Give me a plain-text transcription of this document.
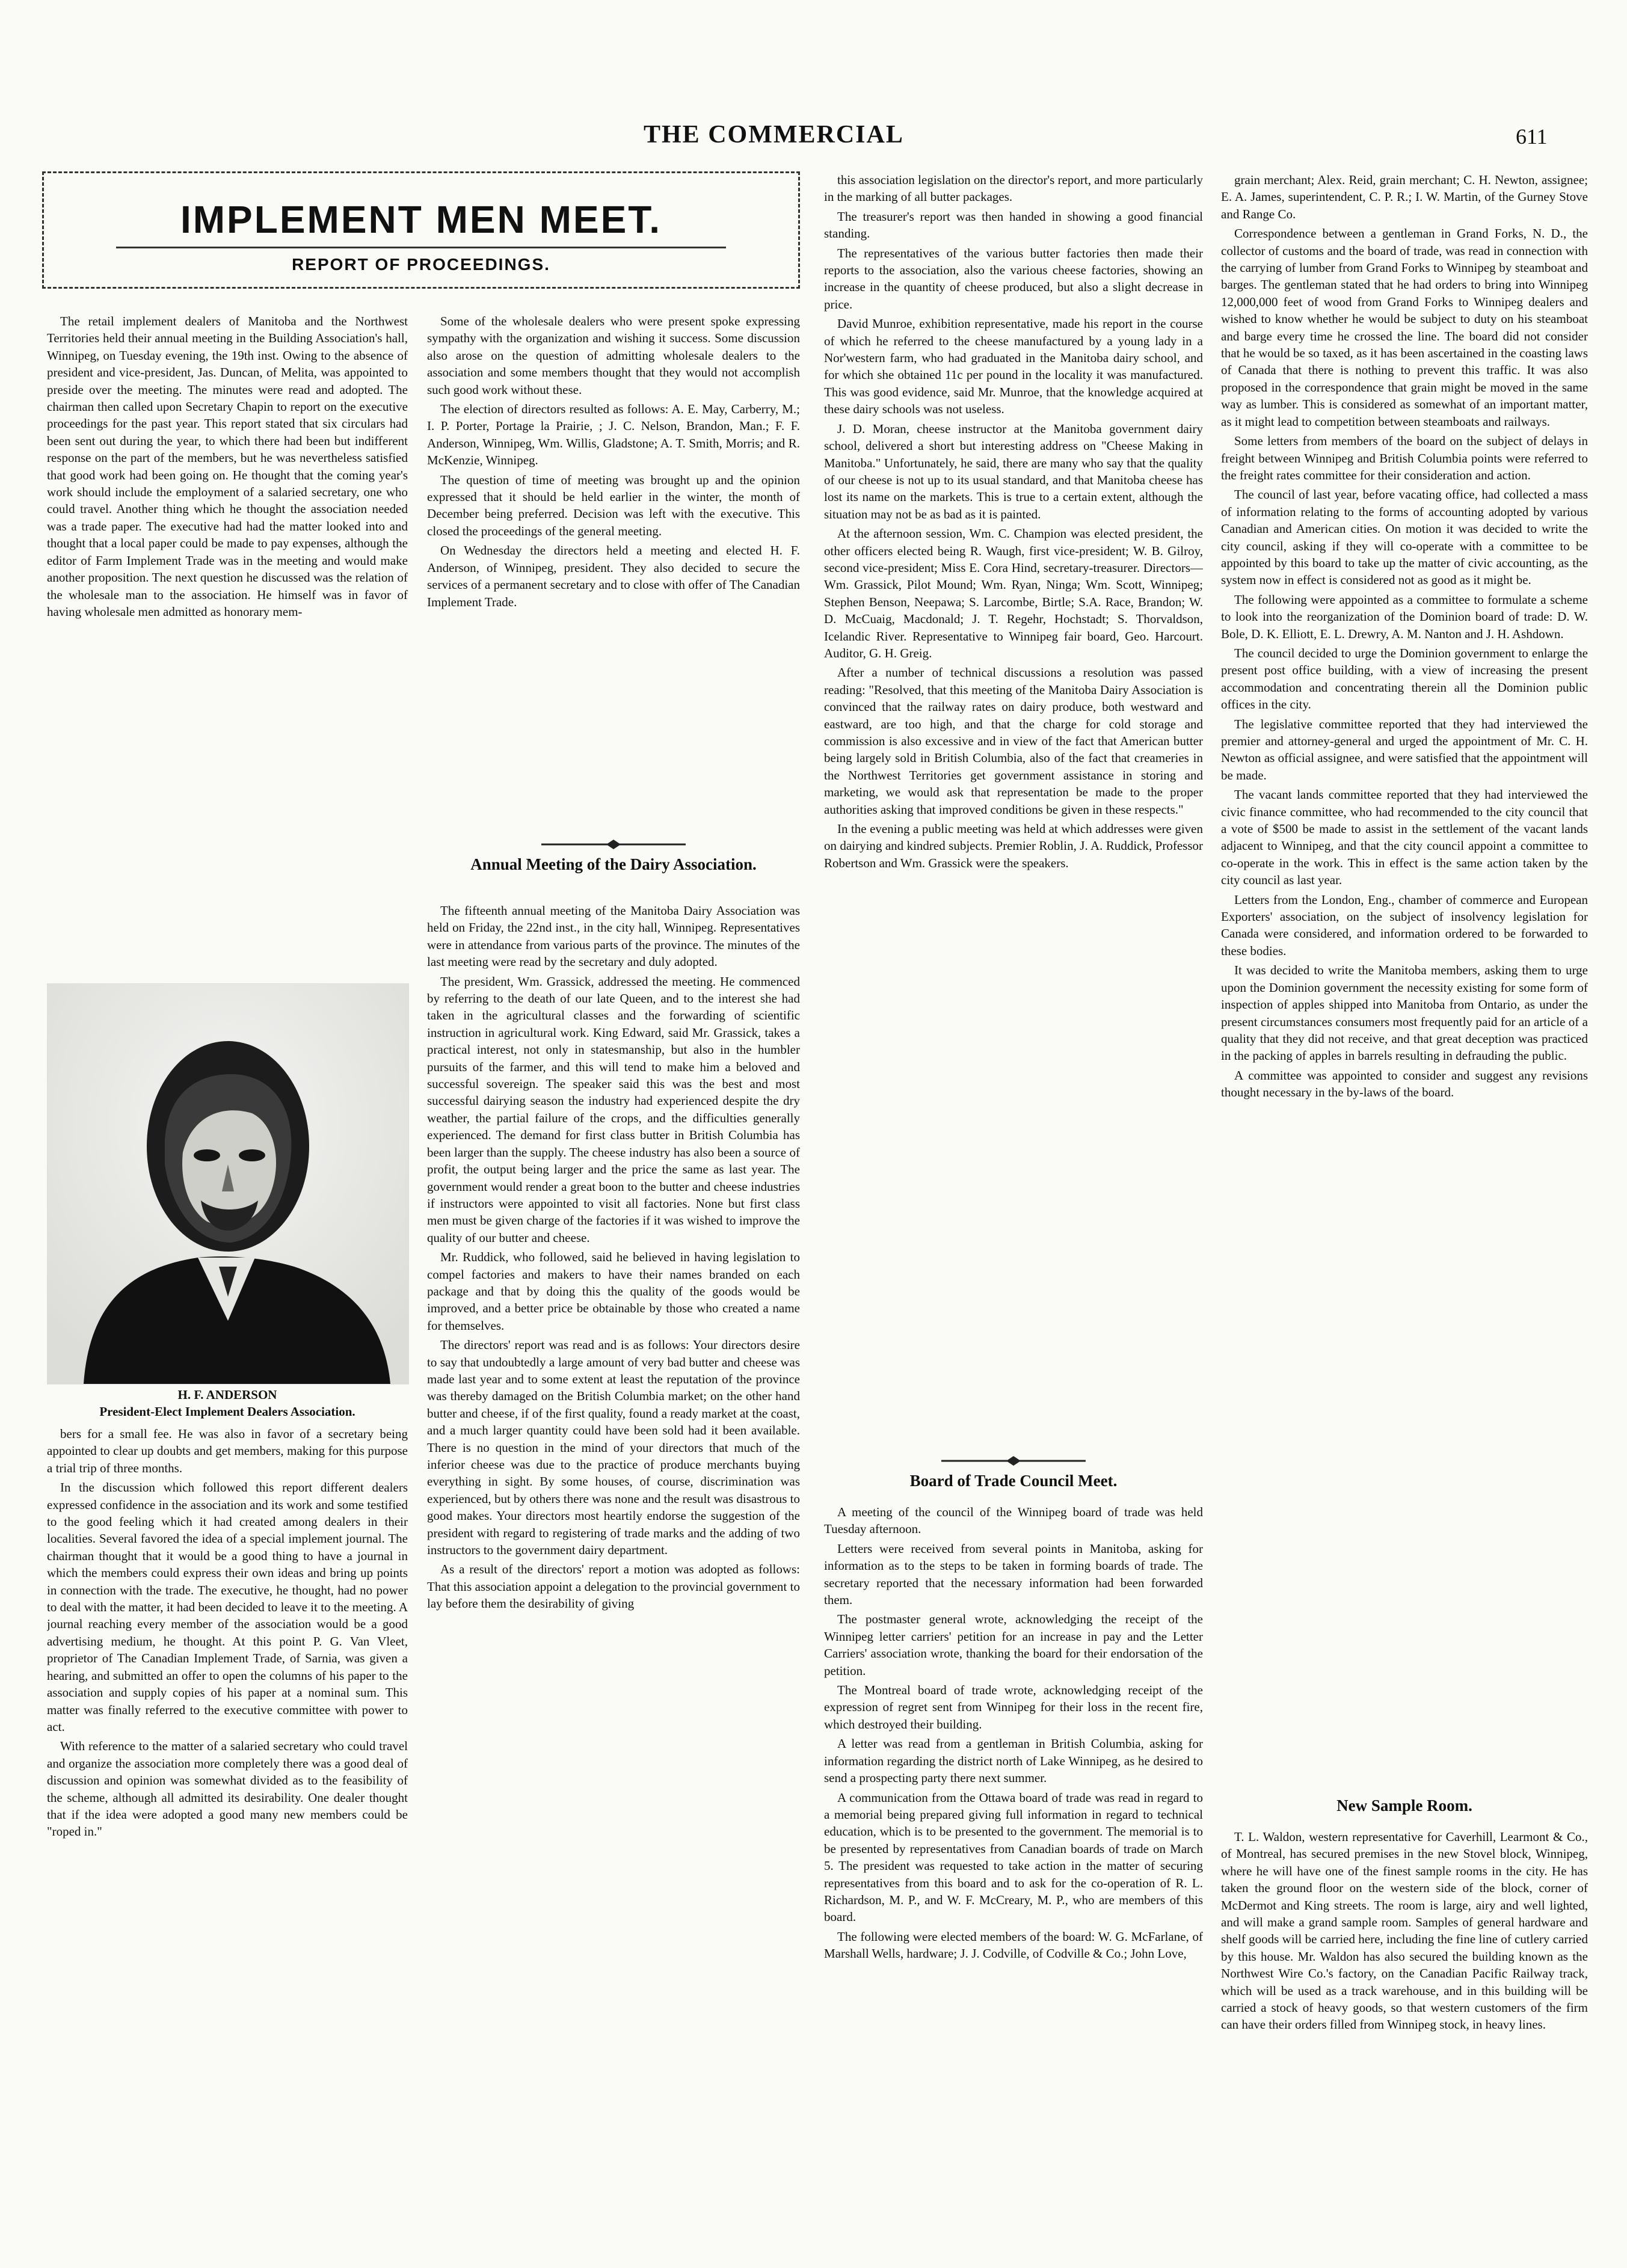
THE COMMERCIAL	611
IMPLEMENT MEN MEET.
REPORT OF PROCEEDINGS.

The retail implement dealers of Manitoba and the Northwest Territories held their annual meeting in the Building Association's hall, Winnipeg, on Tuesday evening, the 19th inst. Owing to the absence of president and vice-president, Jas. Duncan, of Melita, was appointed to preside over the meeting. The minutes were read and adopted. The chairman then called upon Secretary Chapin to report on the executive proceedings for the past year. This report stated that six circulars had been sent out during the year, to which there had been but indifferent response on the part of the members, but he was nevertheless satisfied that good work had been going on. He thought that the coming year's work should include the employment of a salaried secretary, one who could travel. Another thing which he thought the association needed was a trade paper. The executive had had the matter looked into and thought that a local paper could be made to pay expenses, although the editor of Farm Implement Trade was in the meeting and would make another proposition. The next question he discussed was the relation of the wholesale man to the association. He himself was in favor of having wholesale men admitted as honorary mem-

H. F. ANDERSON
President-Elect Implement Dealers Association.

bers for a small fee. He was also in favor of a secretary being appointed to clear up doubts and get members, making for this purpose a trial trip of three months.

In the discussion which followed this report different dealers expressed confidence in the association and its work and some testified to the good feeling which it had created among dealers in their localities. Several favored the idea of a special implement journal. The chairman thought that it would be a good thing to have a journal in which the members could express their own ideas and bring up points in connection with the trade. The executive, he thought, had no power to deal with the matter, it had been decided to leave it to the meeting. A journal reaching every member of the association would be a good advertising medium, he thought. At this point P. G. Van Vleet, proprietor of The Canadian Implement Trade, of Sarnia, was given a hearing, and submitted an offer to open the columns of his paper to the association and supply copies of his paper at a nominal sum. This matter was finally referred to the executive committee with power to act.

With reference to the matter of a salaried secretary who could travel and organize the association more completely there was a good deal of discussion and opinion was somewhat divided as to the feasibility of the scheme, although all admitted its desirability. One dealer thought that if the idea were adopted a good many new members could be "roped in."

Some of the wholesale dealers who were present spoke expressing sympathy with the organization and wishing it success. Some discussion also arose on the question of admitting wholesale dealers to the association and some members thought that they would not accomplish such good work without these.

The election of directors resulted as follows: A. E. May, Carberry, M.; I. P. Porter, Portage la Prairie, ; J. C. Nelson, Brandon, Man.; F. F. Anderson, Winnipeg, Wm. Willis, Gladstone; A. T. Smith, Morris; and R. McKenzie, Winnipeg.

The question of time of meeting was brought up and the opinion expressed that it should be held earlier in the winter, the month of December being preferred. Decision was left with the executive. This closed the proceedings of the general meeting.

On Wednesday the directors held a meeting and elected H. F. Anderson, of Winnipeg, president. They also decided to secure the services of a permanent secretary and to close with offer of The Canadian Implement Trade.

Annual Meeting of the Dairy Association.

The fifteenth annual meeting of the Manitoba Dairy Association was held on Friday, the 22nd inst., in the city hall, Winnipeg. Representatives were in attendance from various parts of the province. The minutes of the last meeting were read by the secretary and duly adopted.

The president, Wm. Grassick, addressed the meeting. He commenced by referring to the death of our late Queen, and to the interest she had taken in the agricultural classes and the forwarding of scientific instruction in agricultural work. King Edward, said Mr. Grassick, takes a practical interest, not only in statesmanship, but also in the humbler pursuits of the farmer, and this will tend to make him a beloved and successful sovereign. The speaker said this was the best and most successful dairying season the industry had experienced despite the dry weather, the partial failure of the crops, and the difficulties generally experienced. The demand for first class butter in British Columbia has been larger than the supply. The cheese industry has also been a source of profit, the output being larger and the price the same as last year. The government would render a great boon to the butter and cheese industries if instructors were appointed to visit all factories. None but first class men must be given charge of the factories if it was wished to improve the quality of our butter and cheese.

Mr. Ruddick, who followed, said he believed in having legislation to compel factories and makers to have their names branded on each package and that by doing this the quality of the goods would be improved, and a better price be obtainable by those who created a name for themselves.

The directors' report was read and is as follows: Your directors desire to say that undoubtedly a large amount of very bad butter and cheese was made last year and to some extent at least the reputation of the province was thereby damaged on the British Columbia market; on the other hand butter and cheese, if of the first quality, found a ready market at the coast, and a much larger quantity could have been sold had it been available. There is no question in the mind of your directors that much of the inferior cheese was due to the practice of produce merchants buying everything in sight. By some houses, of course, discrimination was experienced, but by others there was none and the result was disastrous to good makes. Your directors most heartily endorse the suggestion of the president with regard to registering of trade marks and the adding of two instructors to the government dairy department.

As a result of the directors' report a motion was adopted as follows: That this association appoint a delegation to the provincial government to lay before them the desirability of giving

this association legislation on the director's report, and more particularly in the marking of all butter packages.

The treasurer's report was then handed in showing a good financial standing.

The representatives of the various butter factories then made their reports to the association, also the various cheese factories, showing an increase in the quantity of cheese produced, but also a slight decrease in price.

David Munroe, exhibition representative, made his report in the course of which he referred to the cheese manufactured by a young lady in a Nor'western farm, who had graduated in the Manitoba dairy school, and for which she obtained 11c per pound in the locality it was manufactured. This was good evidence, said Mr. Munroe, that the knowledge acquired at these dairy schools was not useless.

J. D. Moran, cheese instructor at the Manitoba government dairy school, delivered a short but interesting address on "Cheese Making in Manitoba." Unfortunately, he said, there are many who say that the quality of our cheese is not up to its usual standard, and that Manitoba cheese has lost its name on the markets. This is true to a certain extent, although the situation may not be as bad as it is painted.

At the afternoon session, Wm. C. Champion was elected president, the other officers elected being R. Waugh, first vice-president; W. B. Gilroy, second vice-president; Miss E. Cora Hind, secretary-treasurer. Directors—Wm. Grassick, Pilot Mound; Wm. Ryan, Ninga; Wm. Scott, Winnipeg; Stephen Benson, Neepawa; S. Larcombe, Birtle; S.A. Race, Brandon; W. D. McCuaig, Macdonald; J. T. Regehr, Hochstadt; S. Thorvaldson, Icelandic River. Representative to Winnipeg fair board, Geo. Harcourt. Auditor, G. H. Greig.

After a number of technical discussions a resolution was passed reading: "Resolved, that this meeting of the Manitoba Dairy Association is convinced that the railway rates on dairy produce, both westward and eastward, are too high, and that the charge for cold storage and commission is also excessive and in view of the fact that American butter being largely sold in British Columbia, also of the fact that creameries in the Northwest Territories get government assistance in storing and marketing, we would ask that representation be made to the proper authorities asking that improved conditions be given in these respects."

In the evening a public meeting was held at which addresses were given on dairying and kindred subjects. Premier Roblin, J. A. Ruddick, Professor Robertson and Wm. Grassick were the speakers.

Board of Trade Council Meet.

A meeting of the council of the Winnipeg board of trade was held Tuesday afternoon.

Letters were received from several points in Manitoba, asking for information as to the steps to be taken in forming boards of trade. The secretary reported that the necessary information had been forwarded them.

The postmaster general wrote, acknowledging the receipt of the Winnipeg letter carriers' petition for an increase in pay and the Letter Carriers' association wrote, thanking the board for their endorsation of the petition.

The Montreal board of trade wrote, acknowledging receipt of the expression of regret sent from Winnipeg for their loss in the recent fire, which destroyed their building.

A letter was read from a gentleman in British Columbia, asking for information regarding the district north of Lake Winnipeg, as he desired to send a prospecting party there next summer.

A communication from the Ottawa board of trade was read in regard to a memorial being prepared giving full information in regard to technical education, which is to be presented to the government. The memorial is to be presented by representatives from Canadian boards of trade on March 5. The president was requested to take action in the matter of securing representatives from this board and to ask for the co-operation of R. L. Richardson, M. P., and W. F. McCreary, M. P., who are members of this board.

The following were elected members of the board: W. G. McFarlane, of Marshall Wells, hardware; J. J. Codville, of Codville & Co.; John Love,

grain merchant; Alex. Reid, grain merchant; C. H. Newton, assignee; E. A. James, superintendent, C. P. R.; I. W. Martin, of the Gurney Stove and Range Co.

Correspondence between a gentleman in Grand Forks, N. D., the collector of customs and the board of trade, was read in connection with the carrying of lumber from Grand Forks to Winnipeg by steamboat and barges. The gentleman stated that he had orders to bring into Winnipeg 12,000,000 feet of wood from Grand Forks to Winnipeg dealers and wished to know whether he would be subject to duty on his steamboat and barge every time he crossed the line. The board did not consider that he would be so taxed, as it has been ascertained in the coasting laws of Canada that there is nothing to prevent this traffic. It was also proposed in the correspondence that grain might be moved in the same way as lumber. This is considered as somewhat of an important matter, as it might lead to competition between steamboats and railways.

Some letters from members of the board on the subject of delays in freight between Winnipeg and British Columbia points were referred to the freight rates committee for their consideration and action.

The council of last year, before vacating office, had collected a mass of information relating to the forms of accounting adopted by various Canadian and American cities. On motion it was decided to write the city council, asking if they will co-operate with a committee to be appointed by this board to take up the matter of civic accounting, as the system now in effect is considered not as good as it might be.

The following were appointed as a committee to formulate a scheme to look into the reorganization of the Dominion board of trade: D. W. Bole, D. K. Elliott, E. L. Drewry, A. M. Nanton and J. H. Ashdown.

The council decided to urge the Dominion government to enlarge the present post office building, with a view of increasing the present accommodation and concentrating therein all the Dominion public offices in the city.

The legislative committee reported that they had interviewed the premier and attorney-general and urged the appointment of Mr. C. H. Newton as official assignee, and were satisfied that the appointment will be made.

The vacant lands committee reported that they had interviewed the civic finance committee, who had recommended to the city council that a vote of $500 be made to assist in the settlement of the vacant lands adjacent to Winnipeg, and that the city council appoint a committee to co-operate in the work. This in effect is the same action taken by the city council as last year.

Letters from the London, Eng., chamber of commerce and European Exporters' association, on the subject of insolvency legislation for Canada were considered, and information ordered to be forwarded to these bodies.

It was decided to write the Manitoba members, asking them to urge upon the Dominion government the necessity existing for some form of inspection of apples shipped into Manitoba from Ontario, as under the present circumstances consumers most frequently paid for an article of a quality that they did not receive, and that great deception was practiced in the packing of apples in barrels resulting in defrauding the public.

A committee was appointed to consider and suggest any revisions thought necessary in the by-laws of the board.

New Sample Room.

T. L. Waldon, western representative for Caverhill, Learmont & Co., of Montreal, has secured premises in the new Stovel block, Winnipeg, where he will have one of the finest sample rooms in the city. He has taken the ground floor on the western side of the block, corner of McDermot and King streets. The room is large, airy and well lighted, and will make a grand sample room. Samples of general hardware and shelf goods will be carried here, including the fine line of cutlery carried by this house. Mr. Waldon has also secured the building known as the Northwest Wire Co.'s factory, on the Canadian Pacific Railway track, which will be used as a track warehouse, and in this building will be carried a stock of heavy goods, so that western customers of the firm can have their orders filled from Winnipeg stock, in heavy lines.
